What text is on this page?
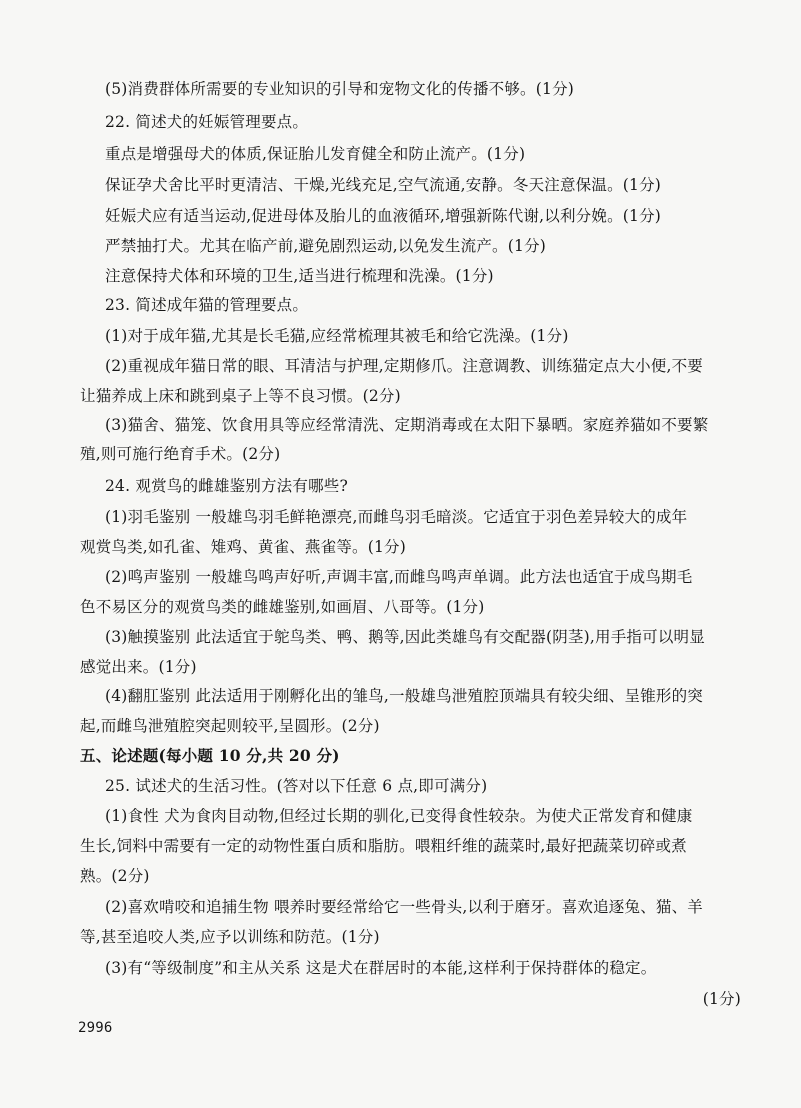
(5)消费群体所需要的专业知识的引导和宠物文化的传播不够。(1分)
22. 简述犬的妊娠管理要点。
重点是增强母犬的体质,保证胎儿发育健全和防止流产。(1分)
保证孕犬舍比平时更清洁、干燥,光线充足,空气流通,安静。冬天注意保温。(1分)
妊娠犬应有适当运动,促进母体及胎儿的血液循环,增强新陈代谢,以利分娩。(1分)
严禁抽打犬。尤其在临产前,避免剧烈运动,以免发生流产。(1分)
注意保持犬体和环境的卫生,适当进行梳理和洗澡。(1分)
23. 简述成年猫的管理要点。
(1)对于成年猫,尤其是长毛猫,应经常梳理其被毛和给它洗澡。(1分)
(2)重视成年猫日常的眼、耳清洁与护理,定期修爪。注意调教、训练猫定点大小便,不要
让猫养成上床和跳到桌子上等不良习惯。(2分)
(3)猫舍、猫笼、饮食用具等应经常清洗、定期消毒或在太阳下暴晒。家庭养猫如不要繁
殖,则可施行绝育手术。(2分)
24. 观赏鸟的雌雄鉴别方法有哪些?
(1)羽毛鉴别 一般雄鸟羽毛鲜艳漂亮,而雌鸟羽毛暗淡。它适宜于羽色差异较大的成年
观赏鸟类,如孔雀、雉鸡、黄雀、燕雀等。(1分)
(2)鸣声鉴别 一般雄鸟鸣声好听,声调丰富,而雌鸟鸣声单调。此方法也适宜于成鸟期毛
色不易区分的观赏鸟类的雌雄鉴别,如画眉、八哥等。(1分)
(3)触摸鉴别 此法适宜于鸵鸟类、鸭、鹅等,因此类雄鸟有交配器(阴茎),用手指可以明显
感觉出来。(1分)
(4)翻肛鉴别 此法适用于刚孵化出的雏鸟,一般雄鸟泄殖腔顶端具有较尖细、呈锥形的突
起,而雌鸟泄殖腔突起则较平,呈圆形。(2分)
五、论述题(每小题 10 分,共 20 分)
25. 试述犬的生活习性。(答对以下任意 6 点,即可满分)
(1)食性 犬为食肉目动物,但经过长期的驯化,已变得食性较杂。为使犬正常发育和健康
生长,饲料中需要有一定的动物性蛋白质和脂肪。喂粗纤维的蔬菜时,最好把蔬菜切碎或煮
熟。(2分)
(2)喜欢啃咬和追捕生物 喂养时要经常给它一些骨头,以利于磨牙。喜欢追逐兔、猫、羊
等,甚至追咬人类,应予以训练和防范。(1分)
(3)有“等级制度”和主从关系 这是犬在群居时的本能,这样利于保持群体的稳定。
(1分)
2996
